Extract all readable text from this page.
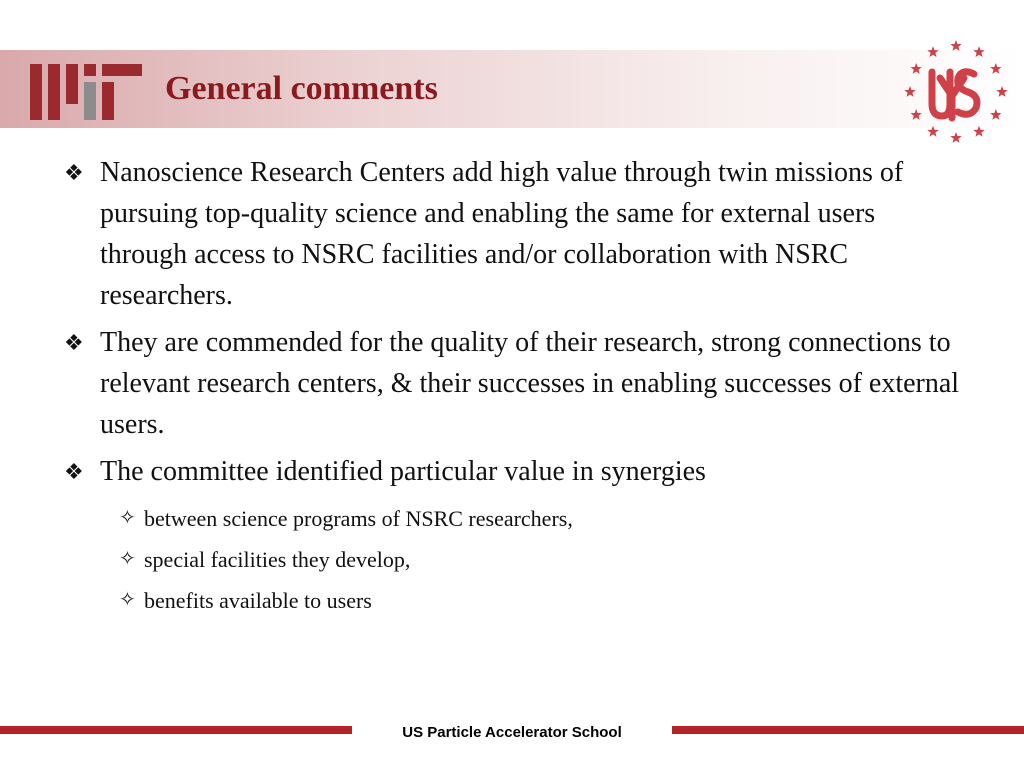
General comments
❖ Nanoscience Research Centers add high value through twin missions of pursuing top-quality science and enabling the same for external users through access to NSRC facilities and/or collaboration with NSRC researchers.
❖ They are commended for the quality of their research, strong connections to relevant research centers, & their successes in enabling successes of external users.
❖ The committee identified particular value in synergies
✧ between science programs of NSRC researchers,
✧ special facilities they develop,
✧ benefits available to users
US Particle Accelerator School
